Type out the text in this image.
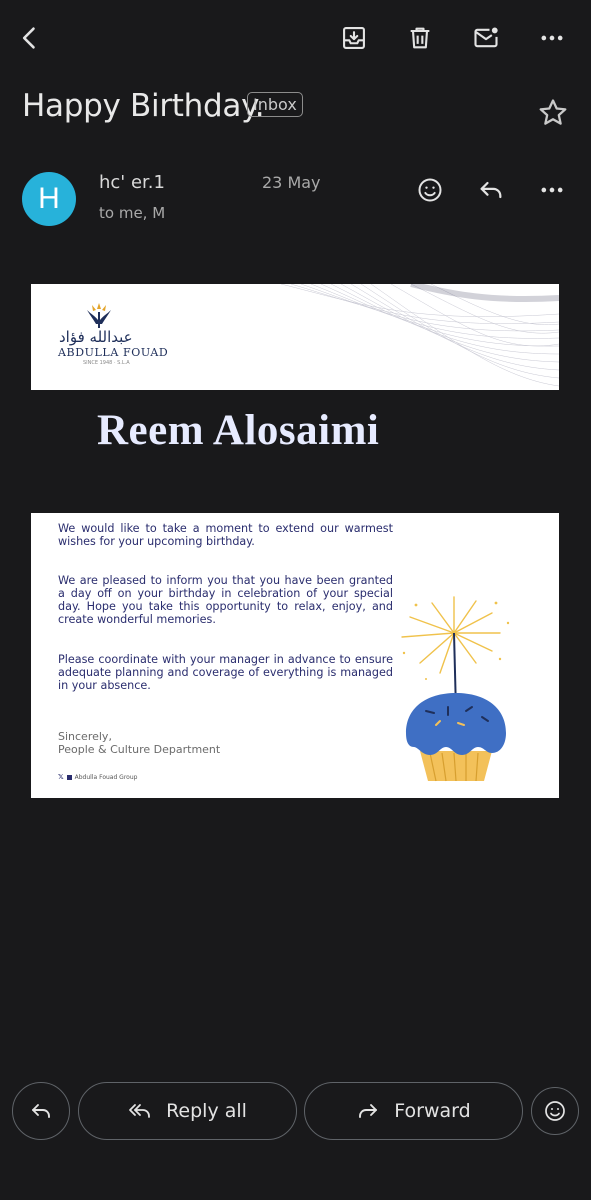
Happy Birthday.
Inbox
H	hc' er.1	23 May
to me, M
عبدالله فؤاد
ABDULLA FOUAD
SINCE 1948 · S.L.A
Reem Alosaimi

We would like to take a moment to extend our warmest wishes for your upcoming birthday.

We are pleased to inform you that you have been granted a day off on your birthday in celebration of your special day. Hope you take this opportunity to relax, enjoy, and create wonderful memories.

Please coordinate with your manager in advance to ensure adequate planning and coverage of everything is managed in your absence.

Sincerely,
People & Culture Department
𝕏 Abdulla Fouad Group
Reply all	Forward
